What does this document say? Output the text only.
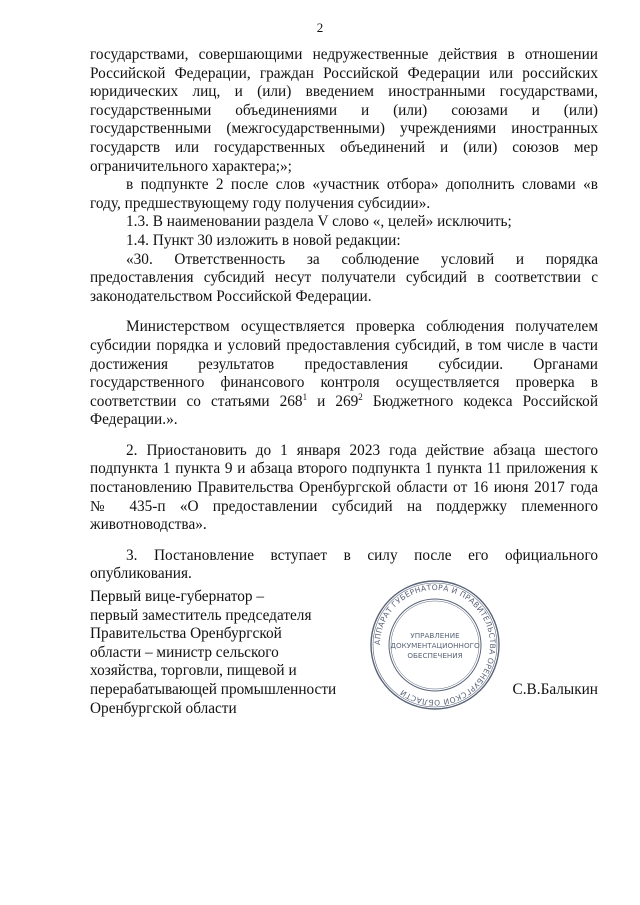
2

государствами, совершающими недружественные действия в отношении Российской Федерации, граждан Российской Федерации или российских юридических лиц, и (или) введением иностранными государствами, государственными объединениями и (или) союзами и (или) государственными (межгосударственными) учреждениями иностранных государств или государственных объединений и (или) союзов мер ограничительного характера;»;

в подпункте 2 после слов «участник отбора» дополнить словами «в году, предшествующему году получения субсидии».

1.3. В наименовании раздела V слово «, целей» исключить;

1.4. Пункт 30 изложить в новой редакции:

«30. Ответственность за соблюдение условий и порядка предоставления субсидий несут получатели субсидий в соответствии с законодательством Российской Федерации.

Министерством осуществляется проверка соблюдения получателем субсидии порядка и условий предоставления субсидий, в том числе в части достижения результатов предоставления субсидии. Органами государственного финансового контроля осуществляется проверка в соответствии со статьями $268^1$ и $269^2$ Бюджетного кодекса Российской Федерации.».

2. Приостановить до 1 января 2023 года действие абзаца шестого подпункта 1 пункта 9 и абзаца второго подпункта 1 пункта 11 приложения к постановлению Правительства Оренбургской области от 16 июня 2017 года № 435-п «О предоставлении субсидий на поддержку племенного животноводства».

3. Постановление вступает в силу после его официального опубликования.

Первый вице-губернатор –
первый заместитель председателя
Правительства Оренбургской
области – министр сельского
хозяйства, торговли, пищевой и
перерабатывающей промышленности
Оренбургской области
АППАРАТ ГУБЕРНАТОРА И ПРАВИТЕЛЬСТВА ОРЕНБУРГСКОЙ ОБЛАСТИ
УПРАВЛЕНИЕ
ДОКУМЕНТАЦИОННОГО
ОБЕСПЕЧЕНИЯ
С.В.Балыкин
